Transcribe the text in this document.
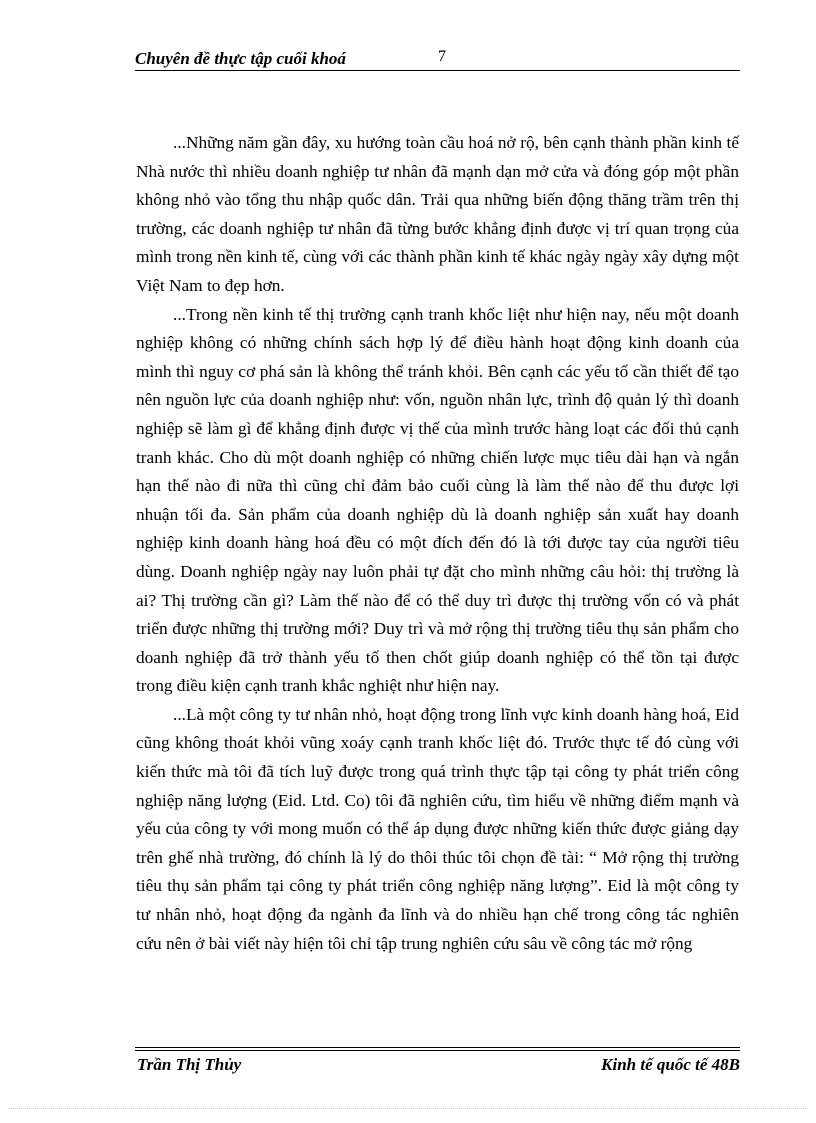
Chuyên đề thực tập cuối khoá	7

...Những năm gần đây, xu hướng toàn cầu hoá nở rộ, bên cạnh thành phần kinh tế Nhà nước thì nhiều doanh nghiệp tư nhân đã mạnh dạn mở cửa và đóng góp một phần không nhỏ vào tổng thu nhập quốc dân. Trải qua những biến động thăng trầm trên thị trường, các doanh nghiệp tư nhân đã từng bước khẳng định được vị trí quan trọng của mình trong nền kinh tế, cùng với các thành phần kinh tế khác ngày ngày xây dựng một Việt Nam to đẹp hơn.

...Trong nền kinh tế thị trường cạnh tranh khốc liệt như hiện nay, nếu một doanh nghiệp không có những chính sách hợp lý để điều hành hoạt động kinh doanh của mình thì nguy cơ phá sản là không thể tránh khỏi. Bên cạnh các yếu tố cần thiết để tạo nên nguồn lực của doanh nghiệp như: vốn, nguồn nhân lực, trình độ quản lý thì doanh nghiệp sẽ làm gì để khẳng định được vị thế của mình trước hàng loạt các đối thủ cạnh tranh khác. Cho dù một doanh nghiệp có những chiến lược mục tiêu dài hạn và ngắn hạn thế nào đi nữa thì cũng chỉ đảm bảo cuối cùng là làm thế nào để thu được lợi nhuận tối đa. Sản phẩm của doanh nghiệp dù là doanh nghiệp sản xuất hay doanh nghiệp kinh doanh hàng hoá đều có một đích đến đó là tới được tay của người tiêu dùng. Doanh nghiệp ngày nay luôn phải tự đặt cho mình những câu hỏi: thị trường là ai? Thị trường cần gì? Làm thế nào để có thể duy trì được thị trường vốn có và phát triển được những thị trường mới? Duy trì và mở rộng thị trường tiêu thụ sản phẩm cho doanh nghiệp đã trở thành yếu tố then chốt giúp doanh nghiệp có thể tồn tại được trong điều kiện cạnh tranh khắc nghiệt như hiện nay.

...Là một công ty tư nhân nhỏ, hoạt động trong lĩnh vực kinh doanh hàng hoá, Eid cũng không thoát khỏi vũng xoáy cạnh tranh khốc liệt đó. Trước thực tế đó cùng với kiến thức mà tôi đã tích luỹ được trong quá trình thực tập tại công ty phát triển công nghiệp năng lượng (Eid. Ltd. Co) tôi đã nghiên cứu, tìm hiểu về những điểm mạnh và yếu của công ty với mong muốn có thể áp dụng được những kiến thức được giảng dạy trên ghế nhà trường, đó chính là lý do thôi thúc tôi chọn đề tài: “ Mở rộng thị trường tiêu thụ sản phẩm tại công ty phát triển công nghiệp năng lượng”. Eid là một công ty tư nhân nhỏ, hoạt động đa ngành đa lĩnh và do nhiều hạn chế trong công tác nghiên cứu nên ở bài viết này hiện tôi chỉ tập trung nghiên cứu sâu về công tác mở rộng

Trần Thị Thủy	Kinh tế quốc tế 48B
